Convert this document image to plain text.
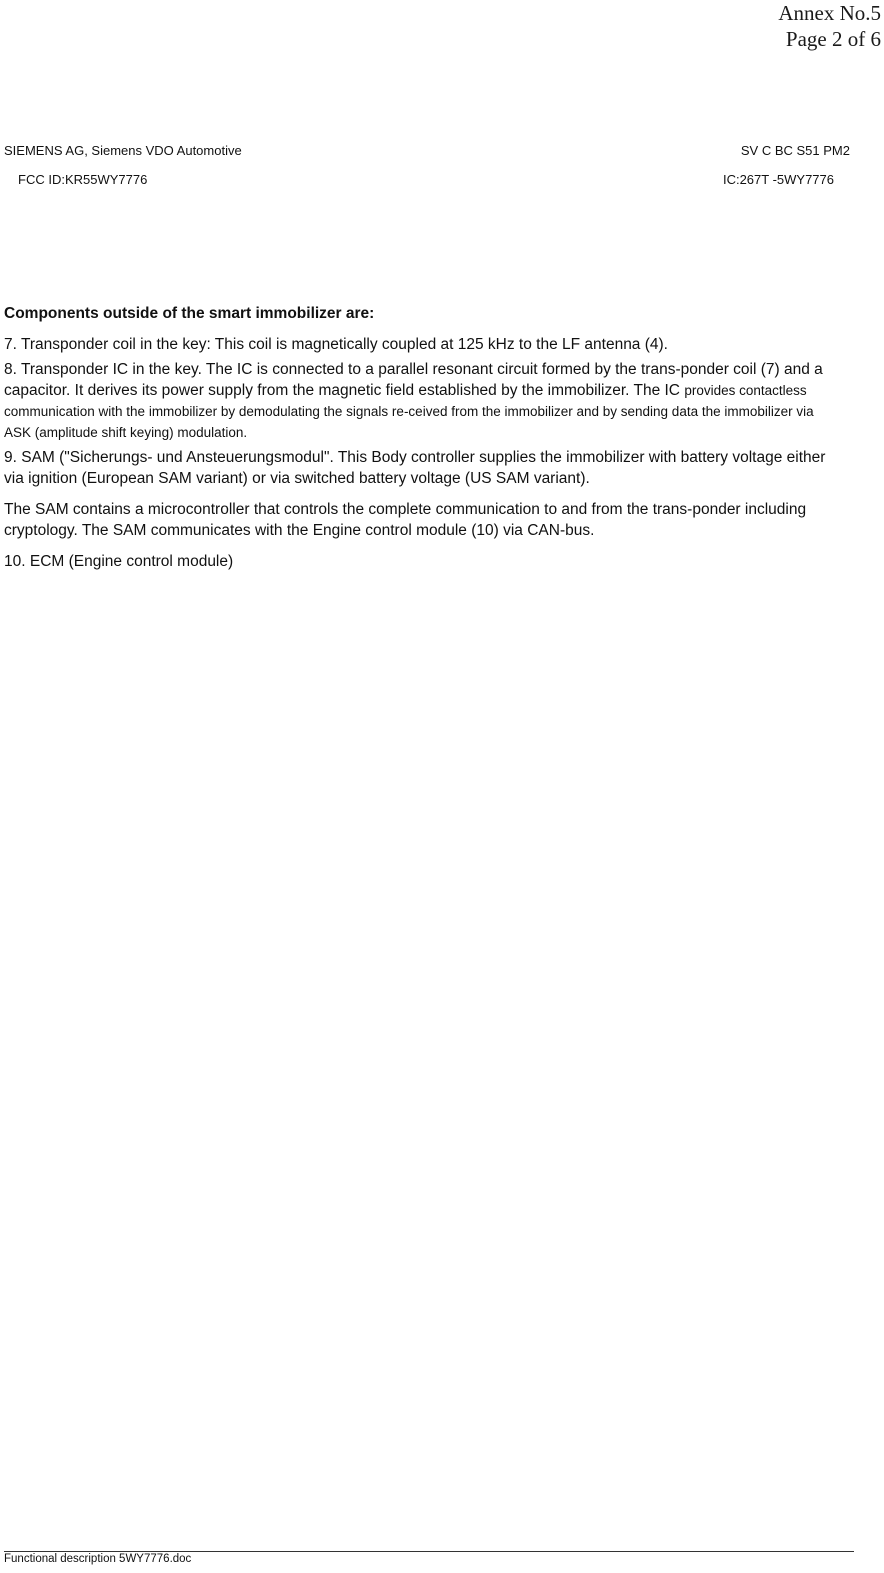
Annex No.5
Page 2 of 6
SIEMENS AG, Siemens VDO Automotive	SV C BC S51 PM2
FCC ID:KR55WY7776	IC:267T -5WY7776
Components outside of the smart immobilizer are:

7. Transponder coil in the key: This coil is magnetically coupled at 125 kHz to the LF antenna (4).

8. Transponder IC in the key. The IC is connected to a parallel resonant circuit formed by the trans-ponder coil (7) and a capacitor. It derives its power supply from the magnetic field established by the immobilizer. The IC provides contactless communication with the immobilizer by demodulating the signals re-ceived from the immobilizer and by sending data the immobilizer via ASK (amplitude shift keying) modulation.

9. SAM ("Sicherungs- und Ansteuerungsmodul". This Body controller supplies the immobilizer with battery voltage either via ignition (European SAM variant) or via switched battery voltage (US SAM variant).

The SAM contains a microcontroller that controls the complete communication to and from the trans-ponder including cryptology. The SAM communicates with the Engine control module (10) via CAN-bus.

10. ECM (Engine control module)

Functional description 5WY7776.doc
